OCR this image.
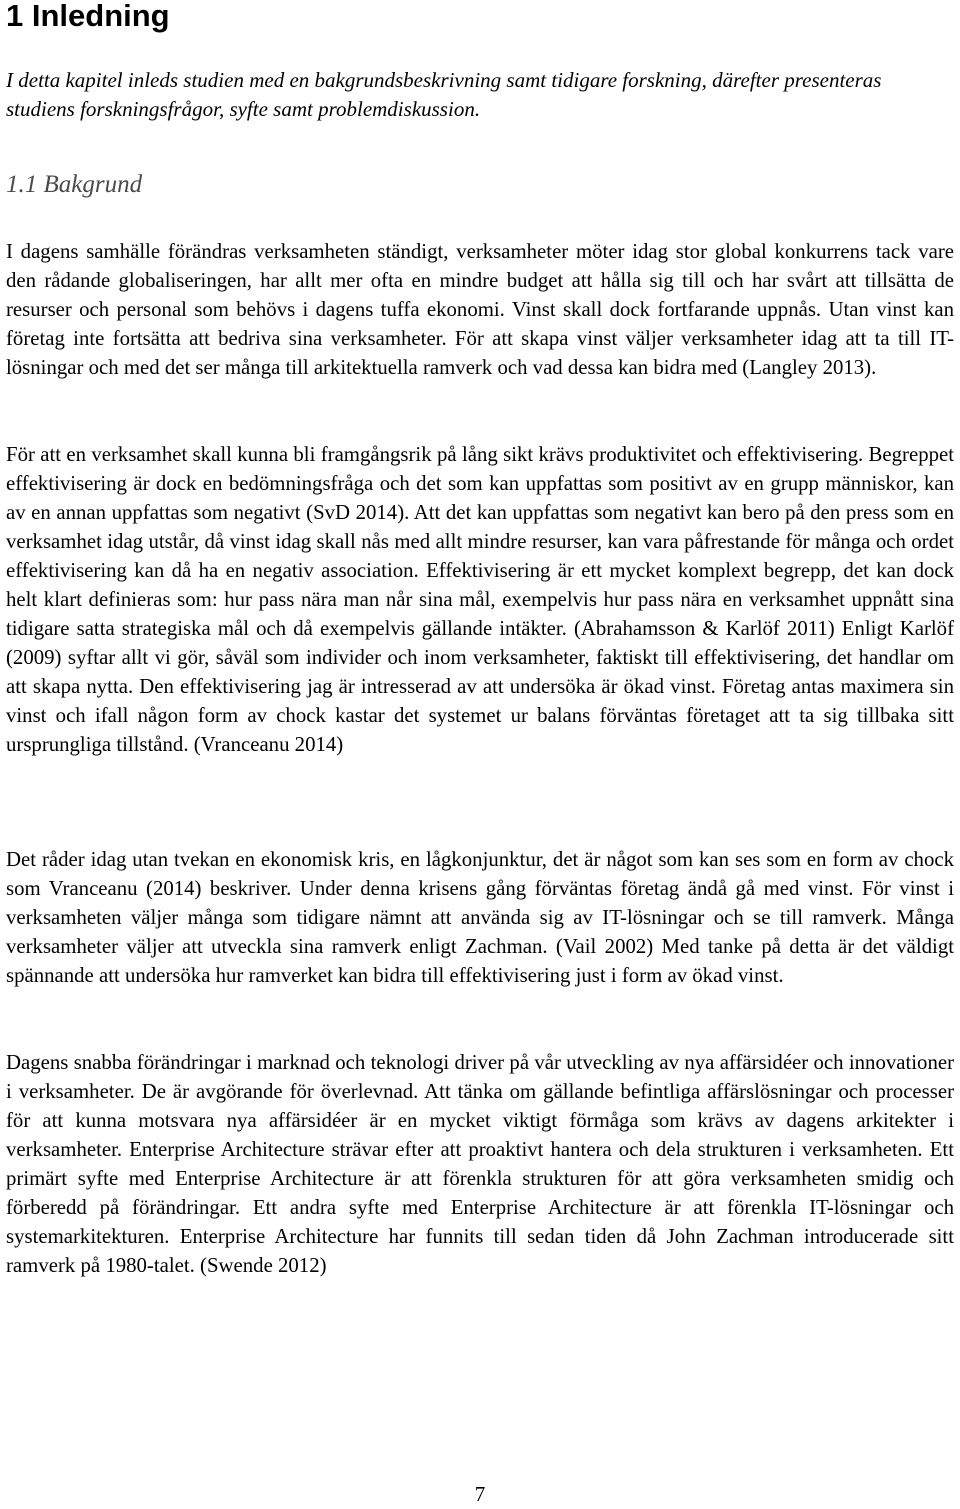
1 Inledning

I detta kapitel inleds studien med en bakgrundsbeskrivning samt tidigare forskning, därefter presenteras studiens forskningsfrågor, syfte samt problemdiskussion.

1.1 Bakgrund

I dagens samhälle förändras verksamheten ständigt, verksamheter möter idag stor global konkurrens tack vare den rådande globaliseringen, har allt mer ofta en mindre budget att hålla sig till och har svårt att tillsätta de resurser och personal som behövs i dagens tuffa ekonomi. Vinst skall dock fortfarande uppnås. Utan vinst kan företag inte fortsätta att bedriva sina verksamheter. För att skapa vinst väljer verksamheter idag att ta till IT-lösningar och med det ser många till arkitektuella ramverk och vad dessa kan bidra med (Langley 2013).

För att en verksamhet skall kunna bli framgångsrik på lång sikt krävs produktivitet och effektivisering. Begreppet effektivisering är dock en bedömningsfråga och det som kan uppfattas som positivt av en grupp människor, kan av en annan uppfattas som negativt (SvD 2014). Att det kan uppfattas som negativt kan bero på den press som en verksamhet idag utstår, då vinst idag skall nås med allt mindre resurser, kan vara påfrestande för många och ordet effektivisering kan då ha en negativ association. Effektivisering är ett mycket komplext begrepp, det kan dock helt klart definieras som: hur pass nära man når sina mål, exempelvis hur pass nära en verksamhet uppnått sina tidigare satta strategiska mål och då exempelvis gällande intäkter. (Abrahamsson & Karlöf 2011) Enligt Karlöf (2009) syftar allt vi gör, såväl som individer och inom verksamheter, faktiskt till effektivisering, det handlar om att skapa nytta. Den effektivisering jag är intresserad av att undersöka är ökad vinst. Företag antas maximera sin vinst och ifall någon form av chock kastar det systemet ur balans förväntas företaget att ta sig tillbaka sitt ursprungliga tillstånd. (Vranceanu 2014)

Det råder idag utan tvekan en ekonomisk kris, en lågkonjunktur, det är något som kan ses som en form av chock som Vranceanu (2014) beskriver. Under denna krisens gång förväntas företag ändå gå med vinst. För vinst i verksamheten väljer många som tidigare nämnt att använda sig av IT-lösningar och se till ramverk. Många verksamheter väljer att utveckla sina ramverk enligt Zachman. (Vail 2002) Med tanke på detta är det väldigt spännande att undersöka hur ramverket kan bidra till effektivisering just i form av ökad vinst.

Dagens snabba förändringar i marknad och teknologi driver på vår utveckling av nya affärsidéer och innovationer i verksamheter. De är avgörande för överlevnad. Att tänka om gällande befintliga affärslösningar och processer för att kunna motsvara nya affärsidéer är en mycket viktigt förmåga som krävs av dagens arkitekter i verksamheter. Enterprise Architecture strävar efter att proaktivt hantera och dela strukturen i verksamheten. Ett primärt syfte med Enterprise Architecture är att förenkla strukturen för att göra verksamheten smidig och förberedd på förändringar. Ett andra syfte med Enterprise Architecture är att förenkla IT-lösningar och systemarkitekturen. Enterprise Architecture har funnits till sedan tiden då John Zachman introducerade sitt ramverk på 1980-talet. (Swende 2012)

7
